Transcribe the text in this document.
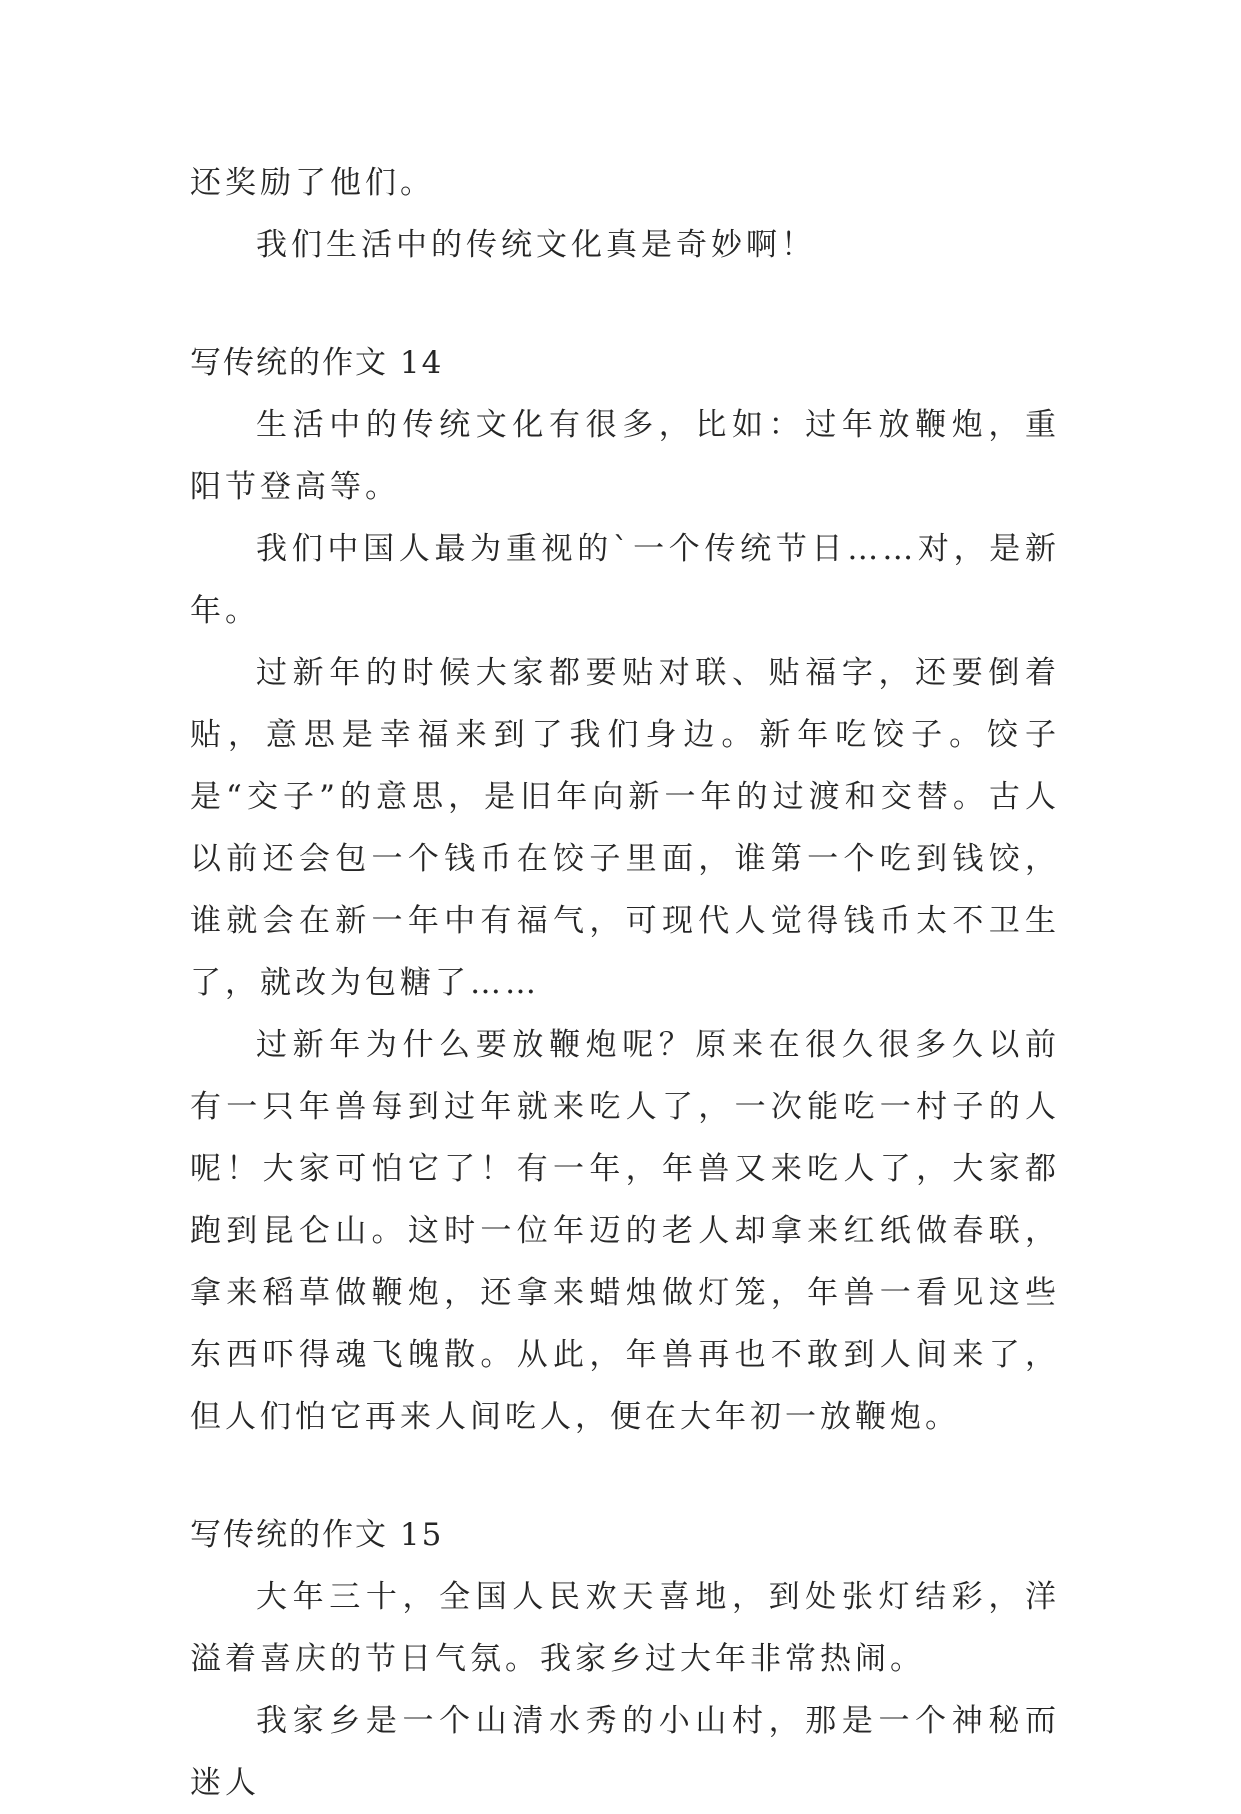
还奖励了他们。

我们生活中的传统文化真是奇妙啊！

写传统的作文 14

生活中的传统文化有很多，比如：过年放鞭炮，重阳节登高等。

我们中国人最为重视的`一个传统节日……对，是新年。

过新年的时候大家都要贴对联、贴福字，还要倒着贴，意思是幸福来到了我们身边。新年吃饺子。饺子是“交子”的意思，是旧年向新一年的过渡和交替。古人以前还会包一个钱币在饺子里面，谁第一个吃到钱饺，谁就会在新一年中有福气，可现代人觉得钱币太不卫生了，就改为包糖了……

过新年为什么要放鞭炮呢？原来在很久很多久以前有一只年兽每到过年就来吃人了，一次能吃一村子的人呢！大家可怕它了！有一年，年兽又来吃人了，大家都跑到昆仑山。这时一位年迈的老人却拿来红纸做春联，拿来稻草做鞭炮，还拿来蜡烛做灯笼，年兽一看见这些东西吓得魂飞魄散。从此，年兽再也不敢到人间来了，但人们怕它再来人间吃人，便在大年初一放鞭炮。

写传统的作文 15

大年三十，全国人民欢天喜地，到处张灯结彩，洋溢着喜庆的节日气氛。我家乡过大年非常热闹。

我家乡是一个山清水秀的小山村，那是一个神秘而迷人
